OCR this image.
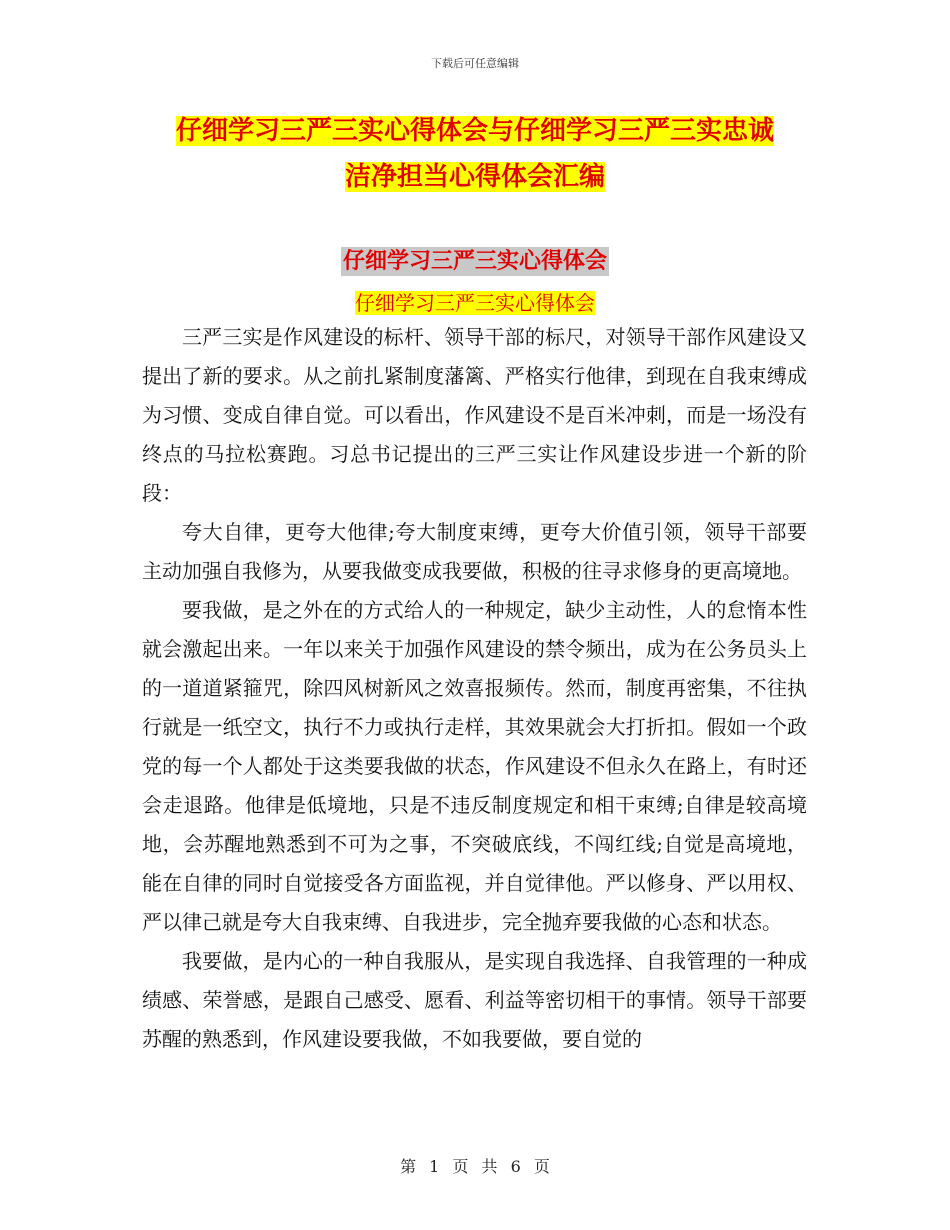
下载后可任意编辑
仔细学习三严三实心得体会与仔细学习三严三实忠诚
洁净担当心得体会汇编
仔细学习三严三实心得体会
仔细学习三严三实心得体会

三严三实是作风建设的标杆、领导干部的标尺，对领导干部作风建设又提出了新的要求。从之前扎紧制度藩篱、严格实行他律，到现在自我束缚成为习惯、变成自律自觉。可以看出，作风建设不是百米冲刺，而是一场没有终点的马拉松赛跑。习总书记提出的三严三实让作风建设步进一个新的阶段：

夸大自律，更夸大他律;夸大制度束缚，更夸大价值引领，领导干部要主动加强自我修为，从要我做变成我要做，积极的往寻求修身的更高境地。

要我做，是之外在的方式给人的一种规定，缺少主动性，人的怠惰本性就会激起出来。一年以来关于加强作风建设的禁令频出，成为在公务员头上的一道道紧箍咒，除四风树新风之效喜报频传。然而，制度再密集，不往执行就是一纸空文，执行不力或执行走样，其效果就会大打折扣。假如一个政党的每一个人都处于这类要我做的状态，作风建设不但永久在路上，有时还会走退路。他律是低境地，只是不违反制度规定和相干束缚;自律是较高境地，会苏醒地熟悉到不可为之事，不突破底线，不闯红线;自觉是高境地，能在自律的同时自觉接受各方面监视，并自觉律他。严以修身、严以用权、严以律己就是夸大自我束缚、自我进步，完全抛弃要我做的心态和状态。

我要做，是内心的一种自我服从，是实现自我选择、自我管理的一种成绩感、荣誉感，是跟自己感受、愿看、利益等密切相干的事情。领导干部要苏醒的熟悉到，作风建设要我做，不如我要做，要自觉的

第 1 页 共 6 页
